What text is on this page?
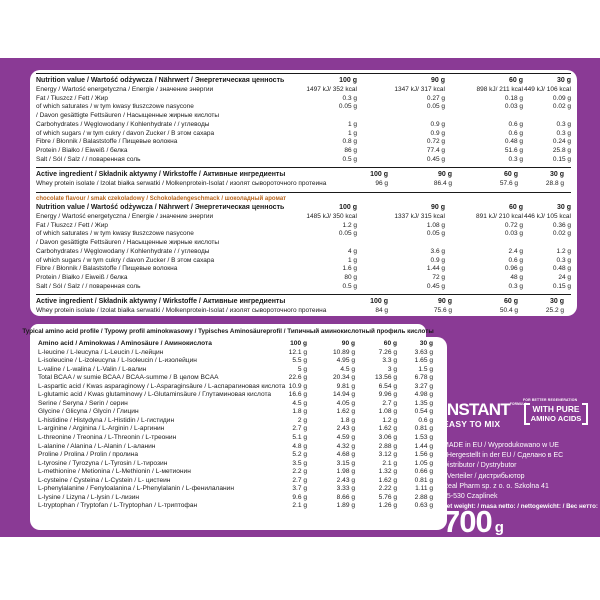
Nutrition value / Wartość odżywcza / Nährwert / Энергетическая ценность	100 g	90 g	60 g	30 g
Energy / Wartość energetyczna / Energie / значение энергии	1497 kJ/ 352 kcal	1347 kJ/ 317 kcal	898 kJ/ 211 kcal 449 kJ/ 106 kcal
Fat / Tłuszcz / Fett / Жир	0.3 g	0.27 g	0.18 g	0.09 g
of which saturates / w tym kwasy tłuszczowe nasycone
/ Davon gesättigte Fettsäuren / Насыщенные жирные кислоты
0.05 g	0.05 g	0.03 g	0.02 g
Carbohydrates / Węglowodany / Kohlenhydrate / / углеводы	1 g	0.9 g	0.6 g	0.3 g
of which sugars / w tym cukry / davon Zucker / В этом сахара	1 g	0.9 g	0.6 g	0.3 g
Fibre / Błonnik / Balaststoffe / Пищевые волокна	0.8 g	0.72 g	0.48 g	0.24 g
Protein / Białko / Eiweiß / белка	86 g	77.4 g	51.6 g	25.8 g
Salt / Sól / Salz / / поваренная соль	0.5 g	0.45 g	0.3 g	0.15 g
Active ingredient / Składnik aktywny / Wirkstoffe / Активные ингредиенты	100 g	90 g	60 g	30 g
Whey protein isolate / Izolat białka serwatki / Molkenprotein-Isolat / изолят сывороточного протеина	96 g	86.4 g	57.6 g	28.8 g
chocolate flavour / smak czekoladowy / Schokoladengeschmack / шоколадный аромат
Nutrition value / Wartość odżywcza / Nährwert / Энергетическая ценность	100 g	90 g	60 g	30 g
Energy / Wartość energetyczna / Energie / значение энергии	1485 kJ/ 350 kcal	1337 kJ/ 315 kcal	891 kJ/ 210 kcal 446 kJ/ 105 kcal
Fat / Tłuszcz / Fett / Жир	1.2 g	1.08 g	0.72 g	0.36 g
of which saturates / w tym kwasy tłuszczowe nasycone
/ Davon gesättigte Fettsäuren / Насыщенные жирные кислоты
0.05 g	0.05 g	0.03 g	0.02 g
Carbohydrates / Węglowodany / Kohlenhydrate / / углеводы	4 g	3.6 g	2.4 g	1.2 g
of which sugars / w tym cukry / davon Zucker / В этом сахара	1 g	0.9 g	0.6 g	0.3 g
Fibre / Błonnik / Balaststoffe / Пищевые волокна	1.6 g	1.44 g	0.96 g	0.48 g
Protein / Białko / Eiweiß / белка	80 g	72 g	48 g	24 g
Salt / Sól / Salz / / поваренная соль	0.5 g	0.45 g	0.3 g	0.15 g
Active ingredient / Składnik aktywny / Wirkstoffe / Активные ингредиенты	100 g	90 g	60 g	30 g
Whey protein isolate / Izolat białka serwatki / Molkenprotein-Isolat / изолят сывороточного протеина	84 g	75.6 g	50.4 g	25.2 g
Typical amino acid profile / Typowy profil aminokwasowy / Typisches Aminosäureprofil / Типичный аминокислотный профиль кислоты
Amino acid / Aminokwas / Aminosäure / Аминокислота	100 g	90 g	60 g	30 g
L-leucine / L-leucyna / L-Leucin / L-лейцин	12.1 g	10.89 g	7.26 g	3.63 g
L-isoleucine / L-izoleucyna / L-Isoleucin / L-изолейцин	5.5 g	4.95 g	3.3 g	1.65 g
L-valine / L-walina / L-Valin / L-валин	5 g	4.5 g	3 g	1.5 g
Total BCAA / w sumie BCAA / BCAA-summe / В целом BCAA	22.6 g	20.34 g	13.56 g	6.78 g
L-aspartic acid / Kwas asparaginowy / L-Asparaginsäure / L-аспарагиновая кислота 10.9 g	9.81 g	6.54 g	3.27 g
L-glutamic acid / Kwas glutaminowy / L-Glutaminsäure / Глутаминовая кислота	16.6 g	14.94 g	9.96 g	4.98 g
Serine / Seryna / Serin / серин	4.5 g	4.05 g	2.7 g	1.35 g
Glycine / Glicyna / Glycin / Глицин	1.8 g	1.62 g	1.08 g	0.54 g
L-histidine / Histydyna / L-Histidin / L-гистидин	2 g	1.8 g	1.2 g	0.6 g
L-arginine / Arginina / L-Arginin / L-аргинин	2.7 g	2.43 g	1.62 g	0.81 g
L-threonine / Treonina / L-Threonin / L-треонин	5.1 g	4.59 g	3.06 g	1.53 g
L-alanine / Alanina / L-Alanin / L-аланин	4.8 g	4.32 g	2.88 g	1.44 g
Proline / Prolina / Prolin / пролина	5.2 g	4.68 g	3.12 g	1.56 g
L-tyrosine / Tyrozyna / L-Tyrosin / L-тирозин	3.5 g	3.15 g	2.1 g	1.05 g
L-methionine / Metionina / L-Methionin / L-метионин	2.2 g	1.98 g	1.32 g	0.66 g
L-cysteine / Cysteina / L-Cystein / L- цистеин	2.7 g	2.43 g	1.62 g	0.81 g
L-phenylalanine / Fenyloalanina / L-Phenylalanin / L-фенилаланин	3.7 g	3.33 g	2.22 g	1.11 g
L-lysine / Lizyna / L-lysin / L-лизин	9.6 g	8.66 g	5.76 g	2.88 g
L-tryptophan / Tryptofan / L-Tryptophan / L-триптофан	2.1 g	1.89 g	1.26 g	0.63 g
$INSTANT^{FORMULA}$
EASY TO MIX
FOR BETTER REGENERATION
WITH PURE
AMINO ACIDS
MADE in EU / Wyprodukowano w UE
/ Hergestellt in der EU / Сделано в EC
Distributor / Dystrybutor
/ Verteiler / дистрибьютор
Real Pharm sp. z o. o. Szkolna 41
05-530 Czaplinek
net weight: / masa netto: / nettogewicht: / Вес нетто:
700 g
